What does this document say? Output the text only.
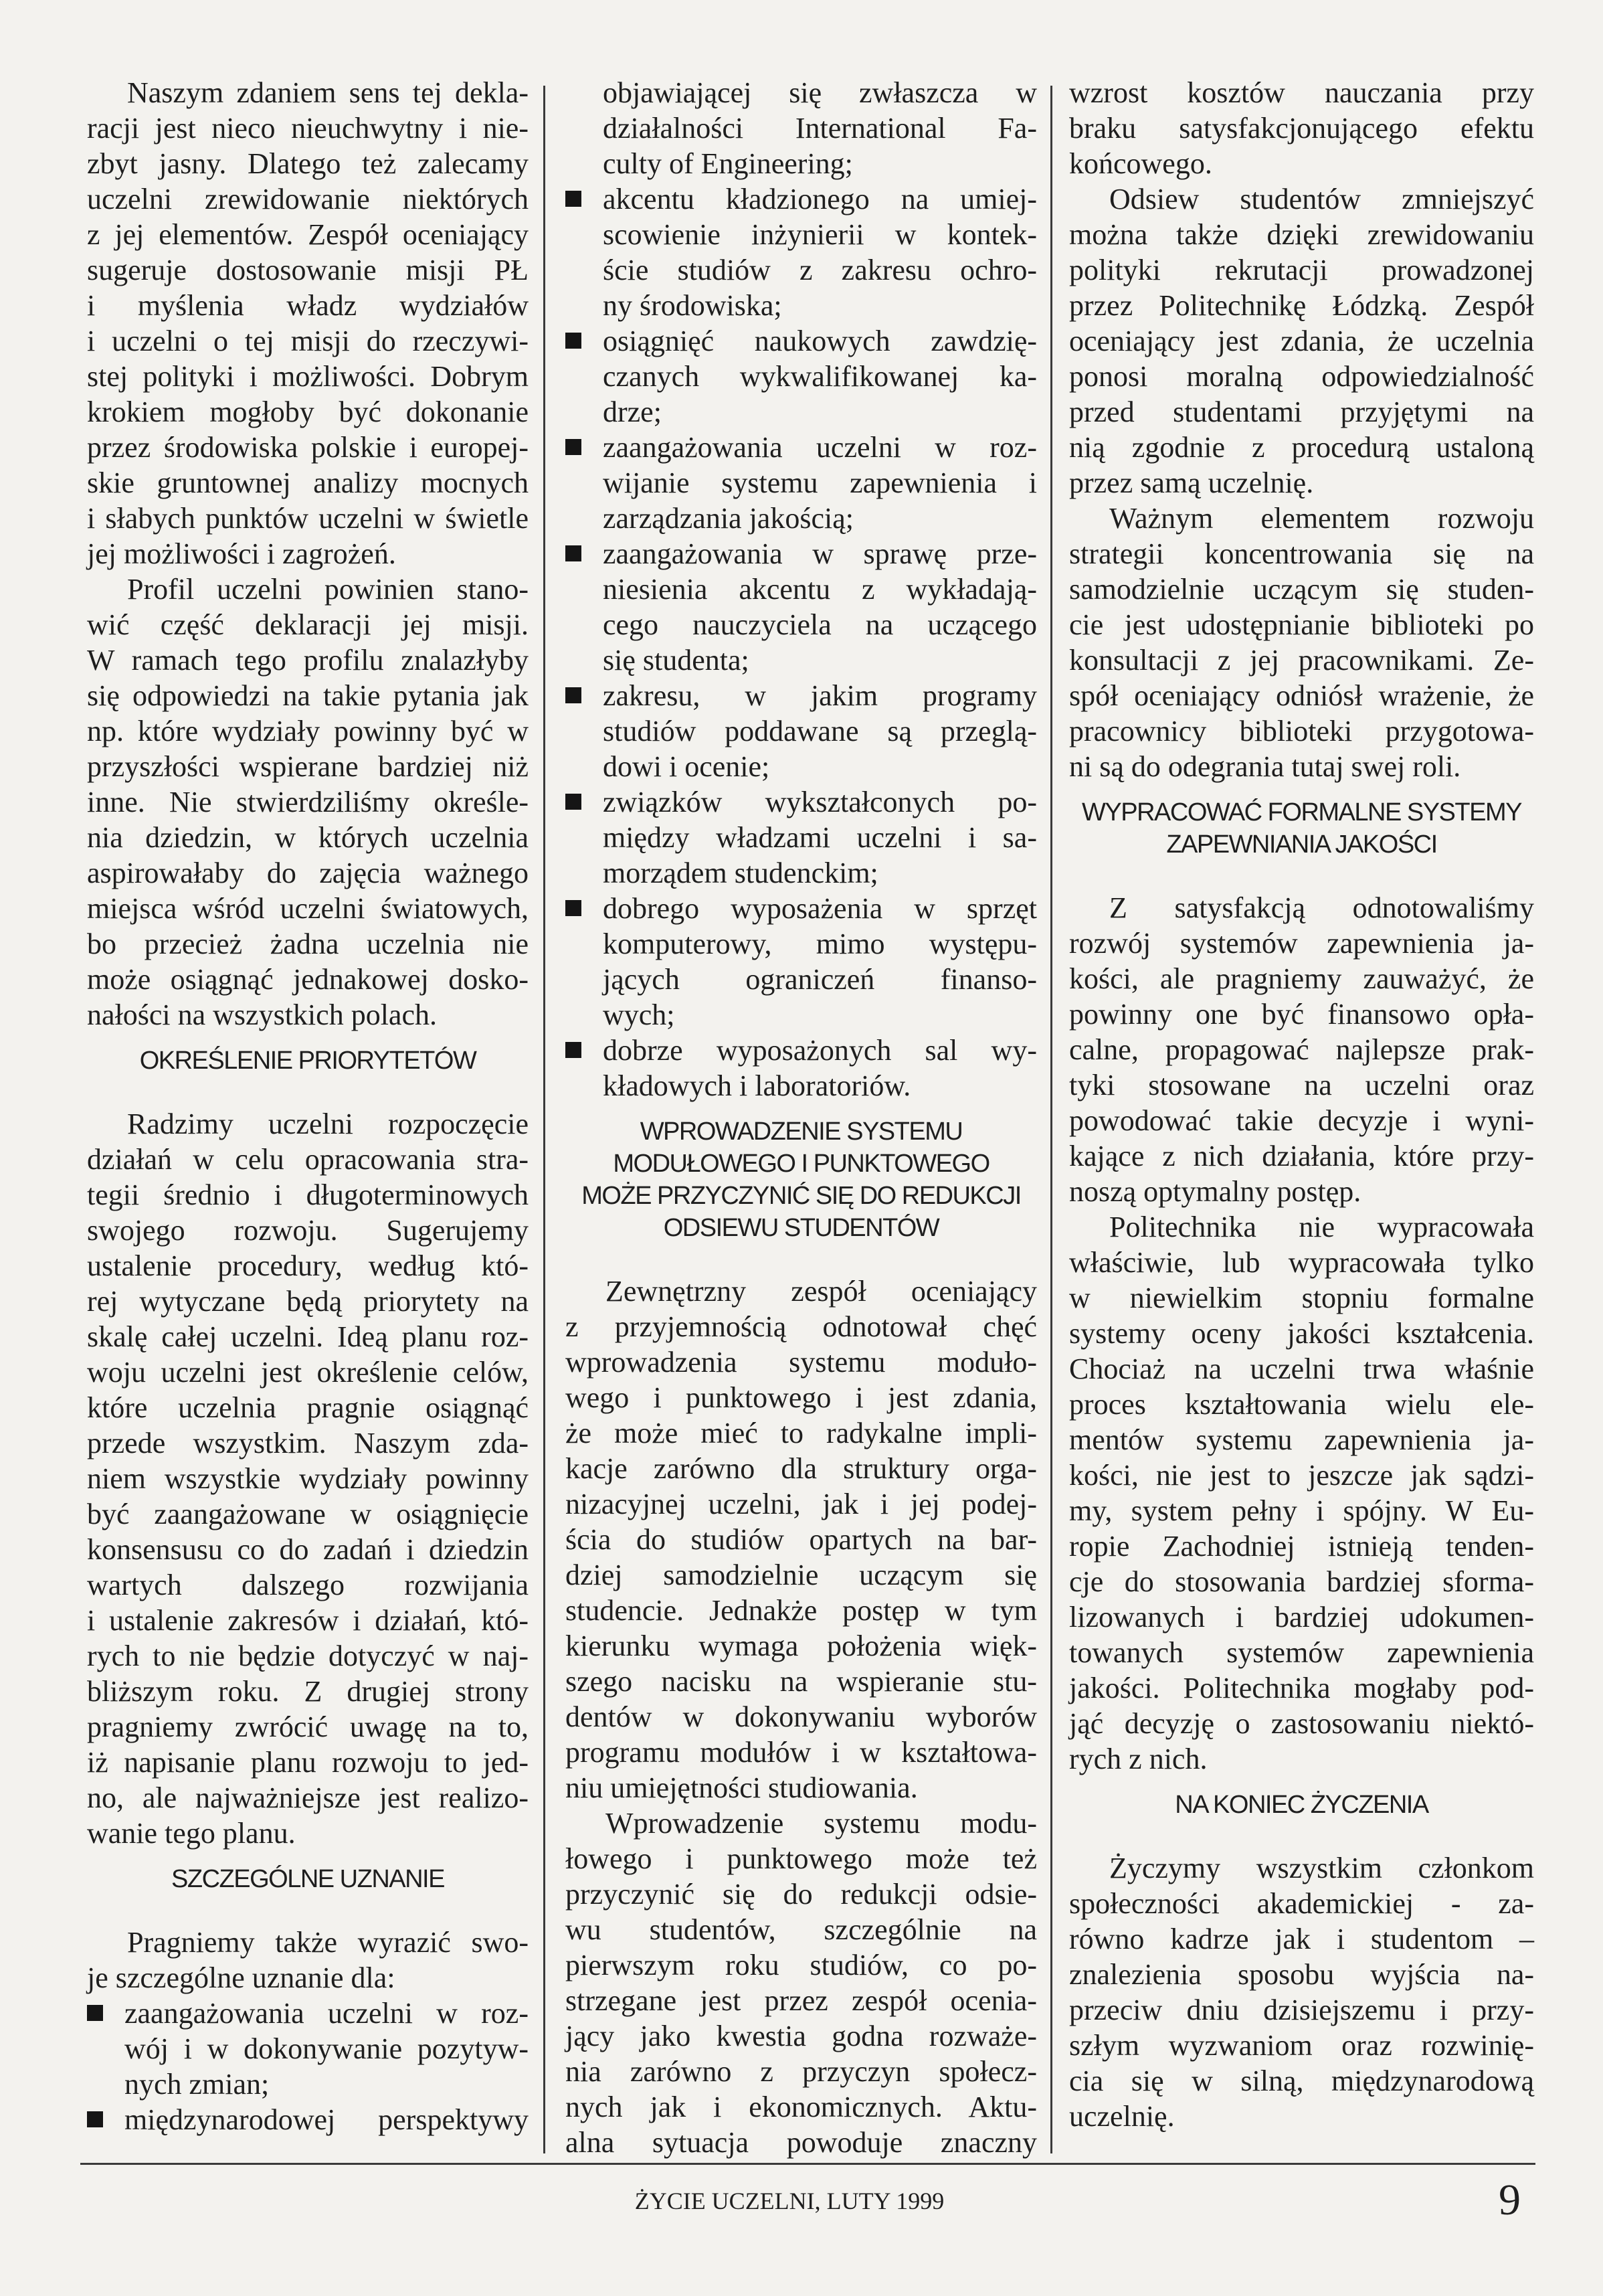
Naszym zdaniem sens tej dekla-
racji jest nieco nieuchwytny i nie-
zbyt jasny. Dlatego też zalecamy
uczelni zrewidowanie niektórych
z jej elementów. Zespół oceniający
sugeruje dostosowanie misji PŁ
i myślenia władz wydziałów
i uczelni o tej misji do rzeczywi-
stej polityki i możliwości. Dobrym
krokiem mogłoby być dokonanie
przez środowiska polskie i europej-
skie gruntownej analizy mocnych
i słabych punktów uczelni w świetle
jej możliwości i zagrożeń.
Profil uczelni powinien stano-
wić część deklaracji jej misji.
W ramach tego profilu znalazłyby
się odpowiedzi na takie pytania jak
np. które wydziały powinny być w
przyszłości wspierane bardziej niż
inne. Nie stwierdziliśmy określe-
nia dziedzin, w których uczelnia
aspirowałaby do zajęcia ważnego
miejsca wśród uczelni światowych,
bo przecież żadna uczelnia nie
może osiągnąć jednakowej dosko-
nałości na wszystkich polach.
OKREŚLENIE PRIORYTETÓW
Radzimy uczelni rozpoczęcie
działań w celu opracowania stra-
tegii średnio i długoterminowych
swojego rozwoju. Sugerujemy
ustalenie procedury, według któ-
rej wytyczane będą priorytety na
skalę całej uczelni. Ideą planu roz-
woju uczelni jest określenie celów,
które uczelnia pragnie osiągnąć
przede wszystkim. Naszym zda-
niem wszystkie wydziały powinny
być zaangażowane w osiągnięcie
konsensusu co do zadań i dziedzin
wartych dalszego rozwijania
i ustalenie zakresów i działań, któ-
rych to nie będzie dotyczyć w naj-
bliższym roku. Z drugiej strony
pragniemy zwrócić uwagę na to,
iż napisanie planu rozwoju to jed-
no, ale najważniejsze jest realizo-
wanie tego planu.
SZCZEGÓLNE UZNANIE
Pragniemy także wyrazić swo-
je szczególne uznanie dla:
zaangażowania uczelni w roz-
wój i w dokonywanie pozytyw-
nych zmian;
międzynarodowej perspektywy
objawiającej się zwłaszcza w
działalności International Fa-
culty of Engineering;
akcentu kładzionego na umiej-
scowienie inżynierii w kontek-
ście studiów z zakresu ochro-
ny środowiska;
osiągnięć naukowych zawdzię-
czanych wykwalifikowanej ka-
drze;
zaangażowania uczelni w roz-
wijanie systemu zapewnienia i
zarządzania jakością;
zaangażowania w sprawę prze-
niesienia akcentu z wykładają-
cego nauczyciela na uczącego
się studenta;
zakresu, w jakim programy
studiów poddawane są przeglą-
dowi i ocenie;
związków wykształconych po-
między władzami uczelni i sa-
morządem studenckim;
dobrego wyposażenia w sprzęt
komputerowy, mimo występu-
jących ograniczeń finanso-
wych;
dobrze wyposażonych sal wy-
kładowych i laboratoriów.
WPROWADZENIE SYSTEMU
MODUŁOWEGO I PUNKTOWEGO
MOŻE PRZYCZYNIĆ SIĘ DO REDUKCJI
ODSIEWU STUDENTÓW
Zewnętrzny zespół oceniający
z przyjemnością odnotował chęć
wprowadzenia systemu moduło-
wego i punktowego i jest zdania,
że może mieć to radykalne impli-
kacje zarówno dla struktury orga-
nizacyjnej uczelni, jak i jej podej-
ścia do studiów opartych na bar-
dziej samodzielnie uczącym się
studencie. Jednakże postęp w tym
kierunku wymaga położenia więk-
szego nacisku na wspieranie stu-
dentów w dokonywaniu wyborów
programu modułów i w kształtowa-
niu umiejętności studiowania.
Wprowadzenie systemu modu-
łowego i punktowego może też
przyczynić się do redukcji odsie-
wu studentów, szczególnie na
pierwszym roku studiów, co po-
strzegane jest przez zespół ocenia-
jący jako kwestia godna rozważe-
nia zarówno z przyczyn społecz-
nych jak i ekonomicznych. Aktu-
alna sytuacja powoduje znaczny
wzrost kosztów nauczania przy
braku satysfakcjonującego efektu
końcowego.
Odsiew studentów zmniejszyć
można także dzięki zrewidowaniu
polityki rekrutacji prowadzonej
przez Politechnikę Łódzką. Zespół
oceniający jest zdania, że uczelnia
ponosi moralną odpowiedzialność
przed studentami przyjętymi na
nią zgodnie z procedurą ustaloną
przez samą uczelnię.
Ważnym elementem rozwoju
strategii koncentrowania się na
samodzielnie uczącym się studen-
cie jest udostępnianie biblioteki po
konsultacji z jej pracownikami. Ze-
spół oceniający odniósł wrażenie, że
pracownicy biblioteki przygotowa-
ni są do odegrania tutaj swej roli.
WYPRACOWAĆ FORMALNE SYSTEMY
ZAPEWNIANIA JAKOŚCI
Z satysfakcją odnotowaliśmy
rozwój systemów zapewnienia ja-
kości, ale pragniemy zauważyć, że
powinny one być finansowo opła-
calne, propagować najlepsze prak-
tyki stosowane na uczelni oraz
powodować takie decyzje i wyni-
kające z nich działania, które przy-
noszą optymalny postęp.
Politechnika nie wypracowała
właściwie, lub wypracowała tylko
w niewielkim stopniu formalne
systemy oceny jakości kształcenia.
Chociaż na uczelni trwa właśnie
proces kształtowania wielu ele-
mentów systemu zapewnienia ja-
kości, nie jest to jeszcze jak sądzi-
my, system pełny i spójny. W Eu-
ropie Zachodniej istnieją tenden-
cje do stosowania bardziej sforma-
lizowanych i bardziej udokumen-
towanych systemów zapewnienia
jakości. Politechnika mogłaby pod-
jąć decyzję o zastosowaniu niektó-
rych z nich.
NA KONIEC ŻYCZENIA
Życzymy wszystkim członkom
społeczności akademickiej - za-
równo kadrze jak i studentom –
znalezienia sposobu wyjścia na-
przeciw dniu dzisiejszemu i przy-
szłym wyzwaniom oraz rozwinię-
cia się w silną, międzynarodową
uczelnię.
ŻYCIE UCZELNI, LUTY 1999	9
